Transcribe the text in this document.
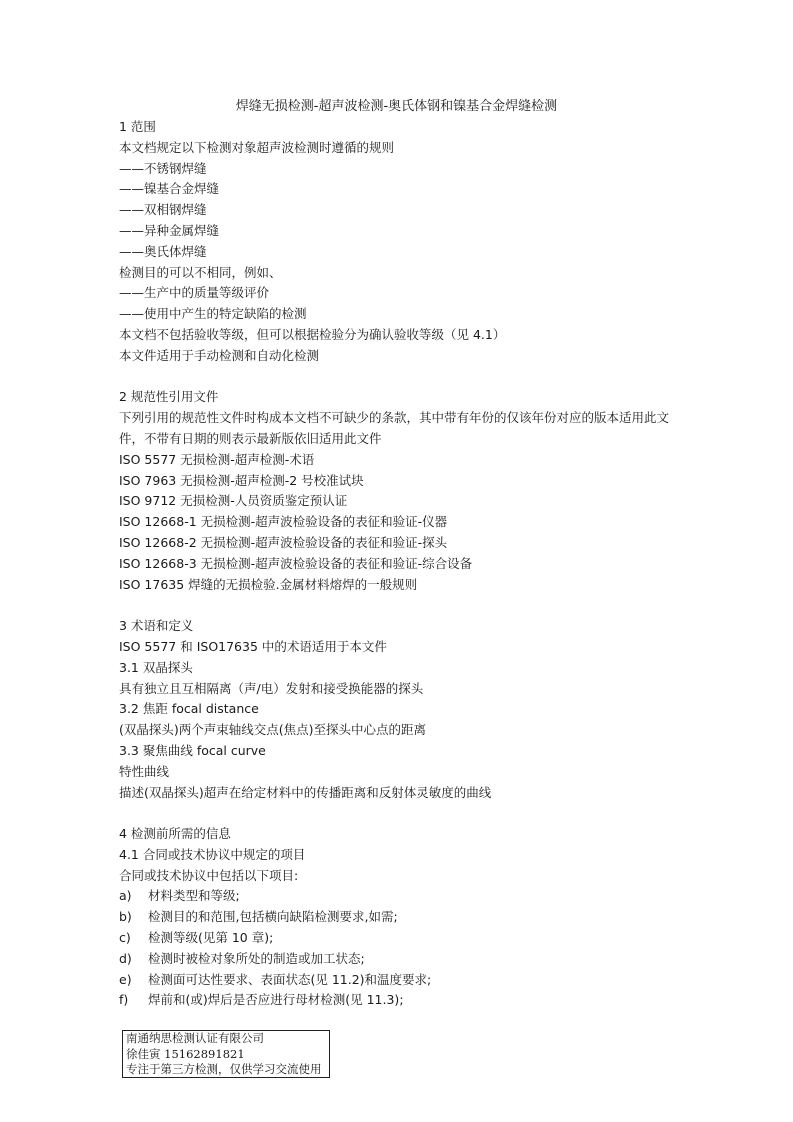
焊缝无损检测-超声波检测-奥氏体钢和镍基合金焊缝检测
1 范围
本文档规定以下检测对象超声波检测时遵循的规则
——不锈钢焊缝
——镍基合金焊缝
——双相钢焊缝
——异种金属焊缝
——奥氏体焊缝
检测目的可以不相同，例如、
——生产中的质量等级评价
——使用中产生的特定缺陷的检测
本文档不包括验收等级，但可以根据检验分为确认验收等级（见 4.1）
本文件适用于手动检测和自动化检测
2 规范性引用文件
下列引用的规范性文件时构成本文档不可缺少的条款，其中带有年份的仅该年份对应的版本适用此文件，不带有日期的则表示最新版依旧适用此文件
ISO 5577 无损检测-超声检测-术语
ISO 7963 无损检测-超声检测-2 号校准试块
ISO 9712 无损检测-人员资质鉴定预认证
ISO 12668-1 无损检测-超声波检验设备的表征和验证-仪器
ISO 12668-2 无损检测-超声波检验设备的表征和验证-探头
ISO 12668-3 无损检测-超声波检验设备的表征和验证-综合设备
ISO 17635 焊缝的无损检验.金属材料熔焊的一般规则
3 术语和定义
ISO 5577 和 ISO17635 中的术语适用于本文件
3.1 双晶探头
具有独立且互相隔离（声/电）发射和接受换能器的探头
3.2 焦距 focal distance
(双晶探头)两个声束轴线交点(焦点)至探头中心点的距离
3.3 聚焦曲线 focal curve
特性曲线
描述(双晶探头)超声在给定材料中的传播距离和反射体灵敏度的曲线
4 检测前所需的信息
4.1 合同或技术协议中规定的项目
合同或技术协议中包括以下项目:
a)	材料类型和等级;
b)	检测目的和范围,包括横向缺陷检测要求,如需;
c)	检测等级(见第 10 章);
d)	检测时被检对象所处的制造或加工状态;
e)	检测面可达性要求、表面状态(见 11.2)和温度要求;
f)	焊前和(或)焊后是否应进行母材检测(见 11.3);
南通纳思检测认证有限公司
徐佳寅 15162891821
专注于第三方检测，仅供学习交流使用
